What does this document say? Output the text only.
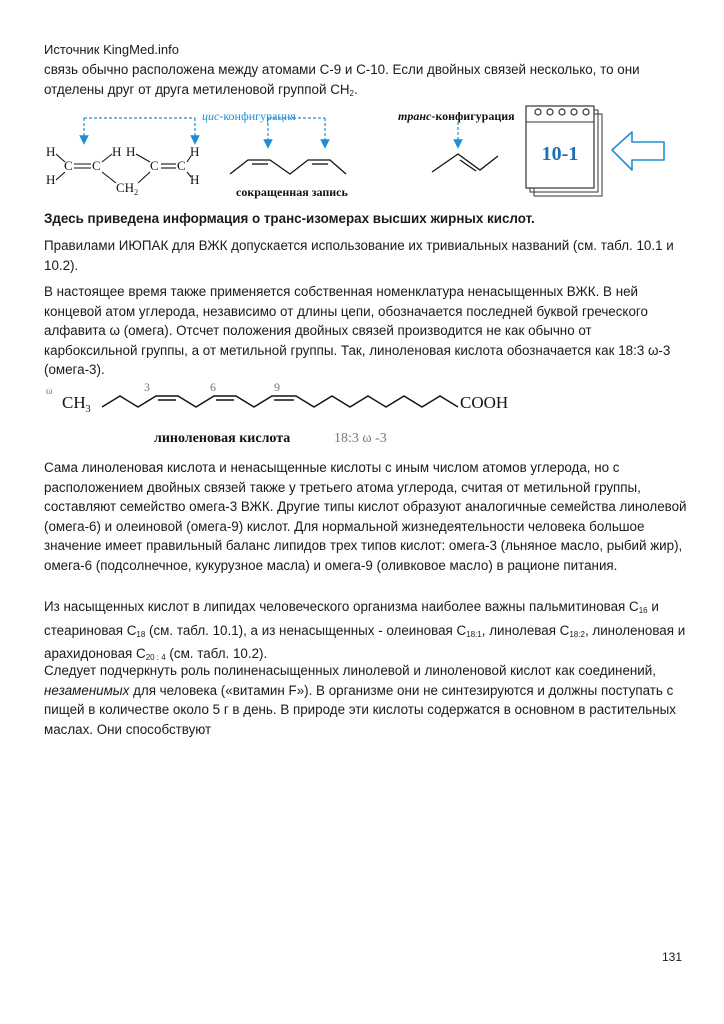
Источник KingMed.info

связь обычно расположена между атомами С-9 и С-10. Если двойных связей несколько, то они отделены друг от друга метиленовой группой $СН_2$.

цис-конфигурация
H
H
C C
H H
C C
H
H
$CH_2$	сокращенная запись
транс-конфигурация
10-1

Здесь приведена информация о транс-изомерах высших жирных кислот.

Правилами ИЮПАК для ВЖК допускается использование их тривиальных названий (см. табл. 10.1 и 10.2).

В настоящее время также применяется собственная номенклатура ненасыщенных ВЖК. В ней концевой атом углерода, независимо от длины цепи, обозначается последней буквой греческого алфавита ω (омега). Отсчет положения двойных связей производится не как обычно от карбоксильной группы, а от метильной группы. Так, линоленовая кислота обозначается как 18:3 ω-3 (омега-3).

ω
$CH_3$
3	6	9
COOH
линоленовая кислота	18:3 ω -3

Сама линоленовая кислота и ненасыщенные кислоты с иным числом атомов углерода, но с расположением двойных связей также у третьего атома углерода, считая от метильной группы, составляют семейство омега-3 ВЖК. Другие типы кислот образуют аналогичные семейства линолевой (омега-6) и олеиновой (омега-9) кислот. Для нормальной жизнедеятельности человека большое значение имеет правильный баланс липидов трех типов кислот: омега-3 (льняное масло, рыбий жир), омега-6 (подсолнечное, кукурузное масла) и омега-9 (оливковое масло) в рационе питания.

Из насыщенных кислот в липидах человеческого организма наиболее важны пальмитиновая $С_{16}$ и стеариновая $С_{18}$ (см. табл. 10.1), а из ненасыщенных - олеиновая $С_{18:1}$, линолевая $С_{18:2}$, линоленовая и арахидоновая $С_{20 : 4}$ (см. табл. 10.2).

Следует подчеркнуть роль полиненасыщенных линолевой и линоленовой кислот как соединений, незаменимых для человека («витамин F»). В организме они не синтезируются и должны поступать с пищей в количестве около 5 г в день. В природе эти кислоты содержатся в основном в растительных маслах. Они способствуют

131
